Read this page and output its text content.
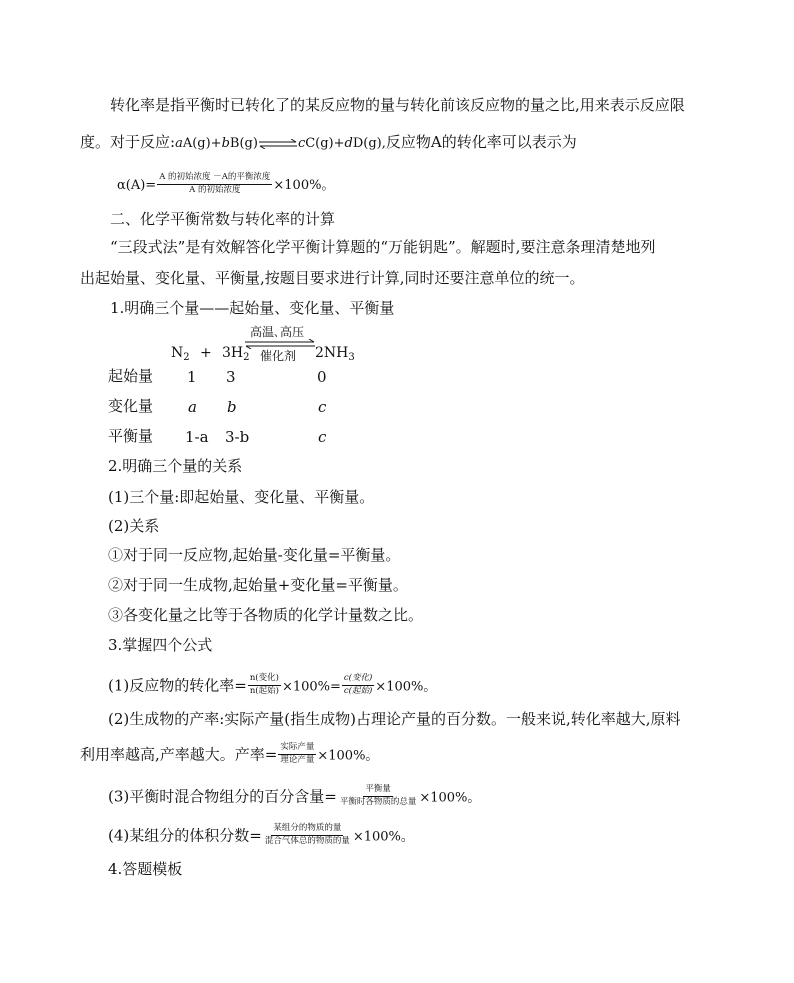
转化率是指平衡时已转化了的某反应物的量与转化前该反应物的量之比,用来表示反应限
度。对于反应:aA(g)+bB(g)⇌cC(g)+dD(g),反应物A的转化率可以表示为
$\alpha(A)= \frac{\text{A 的初始浓度 －A的平衡浓度}}{\text{A 的初始浓度}} \times 100\%$。
二、化学平衡常数与转化率的计算
“三段式法”是有效解答化学平衡计算题的“万能钥匙”。解题时,要注意条理清楚地列
出起始量、变化量、平衡量,按题目要求进行计算,同时还要注意单位的统一。
1.明确三个量——起始量、变化量、平衡量
高温､高压
催化剂
$N_2 + 3H_2$	$2NH_3$
起始量 1 3	0
变化量 a b	c
平衡量 1-a 3-b	c
2.明确三个量的关系
(1)三个量:即起始量、变化量、平衡量。
(2)关系
①对于同一反应物,起始量-变化量=平衡量。
②对于同一生成物,起始量+变化量=平衡量。
③各变化量之比等于各物质的化学计量数之比。
3.掌握四个公式
(1)反应物的转化率= $\frac{\text{n(变化)}}{\text{n(起始)}} \times 100\%= \frac{\text{c(变化)}}{\text{c(起始)}} \times 100\%$。
(2)生成物的产率:实际产量(指生成物)占理论产量的百分数。一般来说,转化率越大,原料
利用率越高,产率越大。产率= $\frac{\text{实际产量}}{\text{理论产量}} \times 100\%$。
(3)平衡时混合物组分的百分含量= $\frac{\text{平衡量}}{\text{平衡时各物质的总量}} \times 100\%$。
(4)某组分的体积分数= $\frac{\text{某组分的物质的量}}{\text{混合气体总的物质的量}} \times 100\%$。
4.答题模板
